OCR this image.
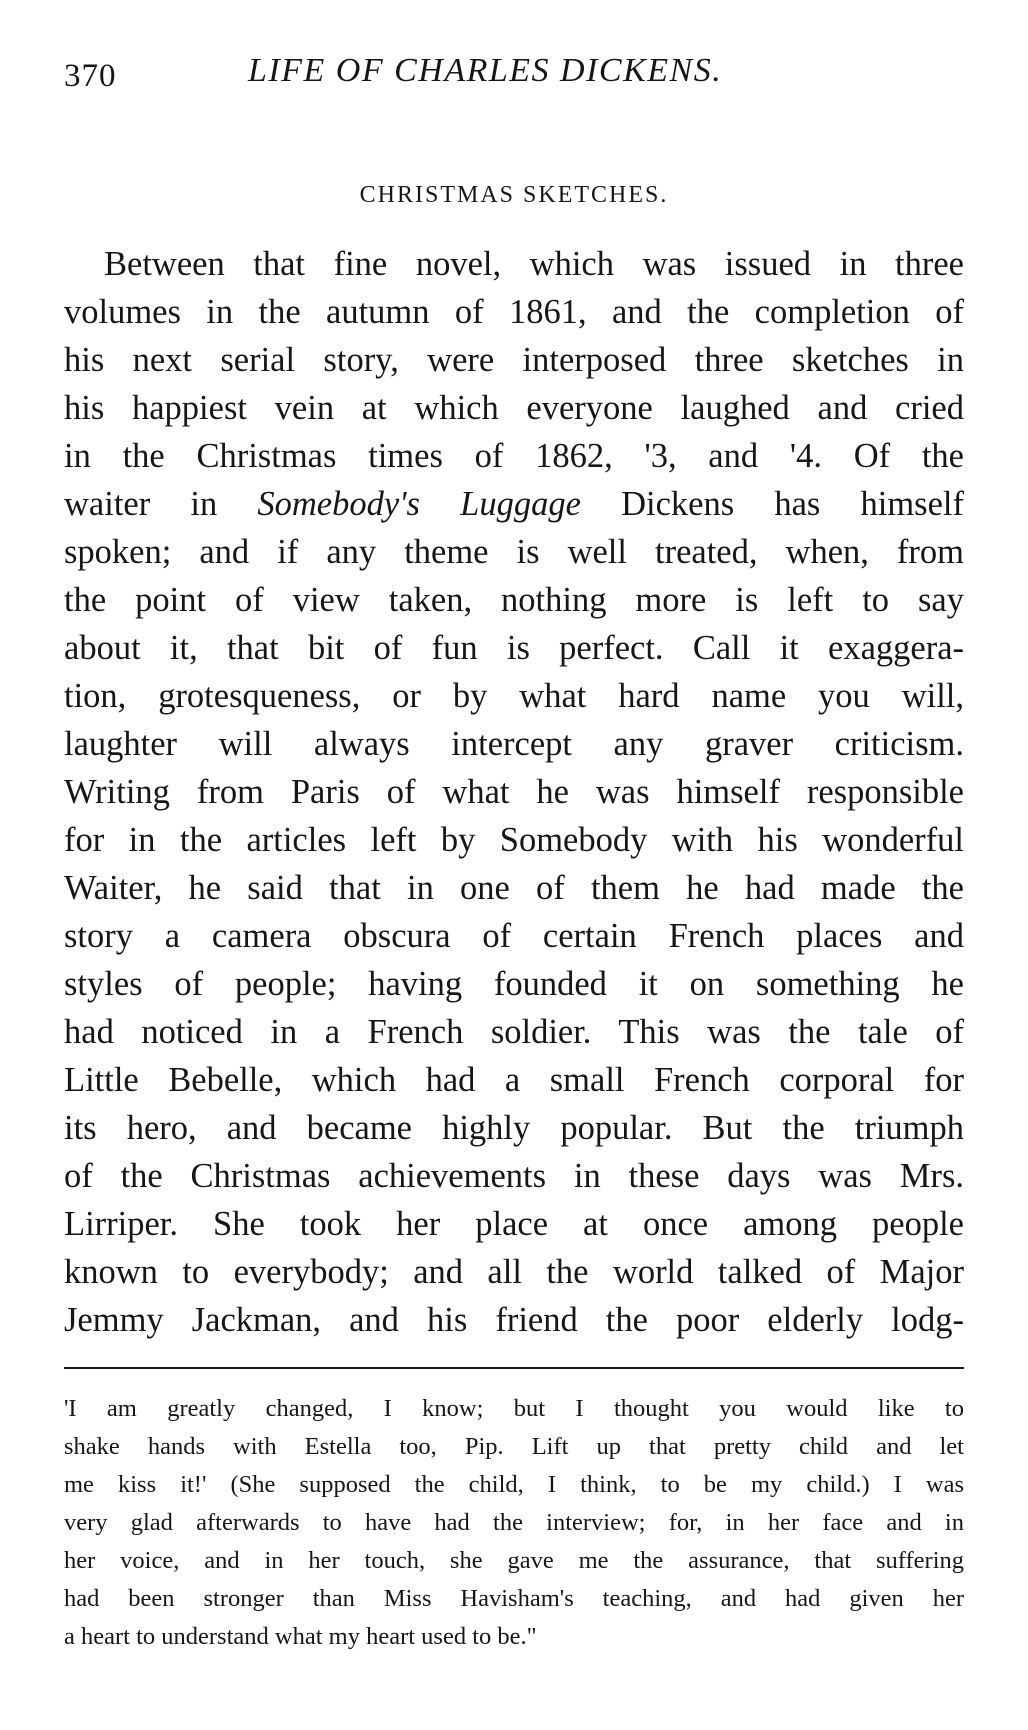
370	LIFE OF CHARLES DICKENS.
CHRISTMAS SKETCHES.
Between that fine novel, which was issued in three
volumes in the autumn of 1861, and the completion of
his next serial story, were interposed three sketches in
his happiest vein at which everyone laughed and cried
in the Christmas times of 1862, '3, and '4. Of the
waiter in Somebody's Luggage Dickens has himself
spoken; and if any theme is well treated, when, from
the point of view taken, nothing more is left to say
about it, that bit of fun is perfect. Call it exaggera-
tion, grotesqueness, or by what hard name you will,
laughter will always intercept any graver criticism.
Writing from Paris of what he was himself responsible
for in the articles left by Somebody with his wonderful
Waiter, he said that in one of them he had made the
story a camera obscura of certain French places and
styles of people; having founded it on something he
had noticed in a French soldier. This was the tale of
Little Bebelle, which had a small French corporal for
its hero, and became highly popular. But the triumph
of the Christmas achievements in these days was Mrs.
Lirriper. She took her place at once among people
known to everybody; and all the world talked of Major
Jemmy Jackman, and his friend the poor elderly lodg-
'I am greatly changed, I know; but I thought you would like to
shake hands with Estella too, Pip. Lift up that pretty child and let
me kiss it!' (She supposed the child, I think, to be my child.) I was
very glad afterwards to have had the interview; for, in her face and in
her voice, and in her touch, she gave me the assurance, that suffering
had been stronger than Miss Havisham's teaching, and had given her
a heart to understand what my heart used to be."
